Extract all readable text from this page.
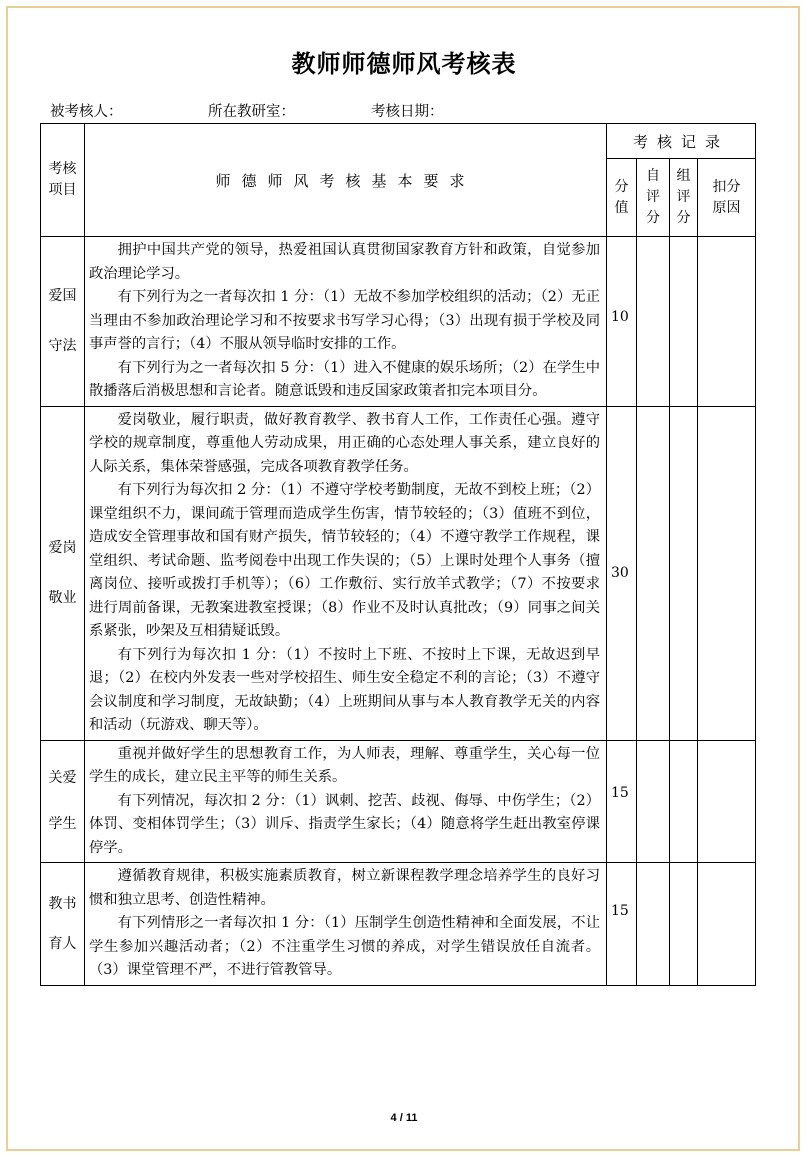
教师师德师风考核表
被考核人：	所在教研室：	考核日期：
考核项目	师德师风考核基本要求	考核记录			
		分值	自评分	组评分	扣分原因
爱国守法	拥护中国共产党的领导，热爱祖国认真贯彻国家教育方针和政策，自觉参加政治理论学习。

有下列行为之一者每次扣 1 分：（1）无故不参加学校组织的活动；（2）无正当理由不参加政治理论学习和不按要求书写学习心得；（3）出现有损于学校及同事声誉的言行；（4）不服从领导临时安排的工作。

有下列行为之一者每次扣 5 分：（1）进入不健康的娱乐场所；（2）在学生中散播落后消极思想和言论者。随意诋毁和违反国家政策者扣完本项目分。	10			
爱岗敬业	爱岗敬业，履行职责，做好教育教学、教书育人工作，工作责任心强。遵守学校的规章制度，尊重他人劳动成果，用正确的心态处理人事关系，建立良好的人际关系，集体荣誉感强，完成各项教育教学任务。

有下列行为每次扣 2 分：（1）不遵守学校考勤制度，无故不到校上班；（2）课堂组织不力，课间疏于管理而造成学生伤害，情节较轻的；（3）值班不到位，造成安全管理事故和国有财产损失，情节较轻的；（4）不遵守教学工作规程，课堂组织、考试命题、监考阅卷中出现工作失误的；（5）上课时处理个人事务（擅离岗位、接听或拨打手机等）；（6）工作敷衍、实行放羊式教学；（7）不按要求进行周前备课，无教案进教室授课；（8）作业不及时认真批改；（9）同事之间关系紧张，吵架及互相猜疑诋毁。

有下列行为每次扣 1 分：（1）不按时上下班、不按时上下课，无故迟到早退；（2）在校内外发表一些对学校招生、师生安全稳定不利的言论；（3）不遵守会议制度和学习制度，无故缺勤；（4）上班期间从事与本人教育教学无关的内容和活动（玩游戏、聊天等）。	30			
关爱学生	重视并做好学生的思想教育工作，为人师表，理解、尊重学生，关心每一位学生的成长，建立民主平等的师生关系。

有下列情况，每次扣 2 分：（1）讽刺、挖苦、歧视、侮辱、中伤学生；（2）体罚、变相体罚学生；（3）训斥、指责学生家长；（4）随意将学生赶出教室停课停学。	15			
教书育人	遵循教育规律，积极实施素质教育，树立新课程教学理念培养学生的良好习惯和独立思考、创造性精神。

有下列情形之一者每次扣 1 分：（1）压制学生创造性精神和全面发展，不让学生参加兴趣活动者；（2）不注重学生习惯的养成，对学生错误放任自流者。（3）课堂管理不严，不进行管教管导。	15			
4 / 11
